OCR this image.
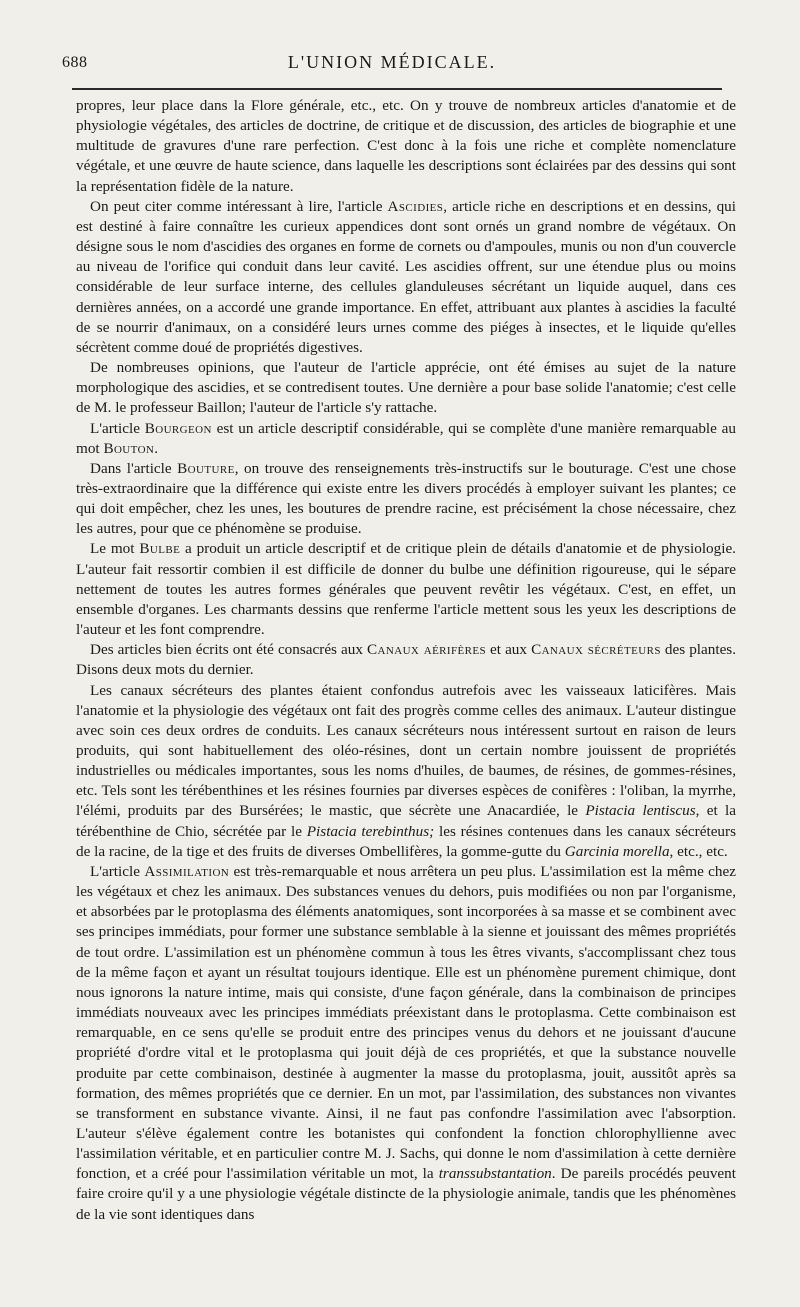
688	L'UNION MÉDICALE.

propres, leur place dans la Flore générale, etc., etc. On y trouve de nombreux articles d'anatomie et de physiologie végétales, des articles de doctrine, de critique et de discussion, des articles de biographie et une multitude de gravures d'une rare perfection. C'est donc à la fois une riche et complète nomenclature végétale, et une œuvre de haute science, dans laquelle les descriptions sont éclairées par des dessins qui sont la représentation fidèle de la nature.

On peut citer comme intéressant à lire, l'article Ascidies, article riche en descriptions et en dessins, qui est destiné à faire connaître les curieux appendices dont sont ornés un grand nombre de végétaux. On désigne sous le nom d'ascidies des organes en forme de cornets ou d'ampoules, munis ou non d'un couvercle au niveau de l'orifice qui conduit dans leur cavité. Les ascidies offrent, sur une étendue plus ou moins considérable de leur surface interne, des cellules glanduleuses sécrétant un liquide auquel, dans ces dernières années, on a accordé une grande importance. En effet, attribuant aux plantes à ascidies la faculté de se nourrir d'animaux, on a considéré leurs urnes comme des piéges à insectes, et le liquide qu'elles sécrètent comme doué de propriétés digestives.

De nombreuses opinions, que l'auteur de l'article apprécie, ont été émises au sujet de la nature morphologique des ascidies, et se contredisent toutes. Une dernière a pour base solide l'anatomie; c'est celle de M. le professeur Baillon; l'auteur de l'article s'y rattache.

L'article Bourgeon est un article descriptif considérable, qui se complète d'une manière remarquable au mot Bouton.

Dans l'article Bouture, on trouve des renseignements très-instructifs sur le bouturage. C'est une chose très-extraordinaire que la différence qui existe entre les divers procédés à employer suivant les plantes; ce qui doit empêcher, chez les unes, les boutures de prendre racine, est précisément la chose nécessaire, chez les autres, pour que ce phénomène se produise.

Le mot Bulbe a produit un article descriptif et de critique plein de détails d'anatomie et de physiologie. L'auteur fait ressortir combien il est difficile de donner du bulbe une définition rigoureuse, qui le sépare nettement de toutes les autres formes générales que peuvent revêtir les végétaux. C'est, en effet, un ensemble d'organes. Les charmants dessins que renferme l'article mettent sous les yeux les descriptions de l'auteur et les font comprendre.

Des articles bien écrits ont été consacrés aux Canaux aérifères et aux Canaux sécréteurs des plantes. Disons deux mots du dernier.

Les canaux sécréteurs des plantes étaient confondus autrefois avec les vaisseaux laticifères. Mais l'anatomie et la physiologie des végétaux ont fait des progrès comme celles des animaux. L'auteur distingue avec soin ces deux ordres de conduits. Les canaux sécréteurs nous intéressent surtout en raison de leurs produits, qui sont habituellement des oléo-résines, dont un certain nombre jouissent de propriétés industrielles ou médicales importantes, sous les noms d'huiles, de baumes, de résines, de gommes-résines, etc. Tels sont les térébenthines et les résines fournies par diverses espèces de conifères : l'oliban, la myrrhe, l'élémi, produits par des Bursérées; le mastic, que sécrète une Anacardiée, le Pistacia lentiscus, et la térébenthine de Chio, sécrétée par le Pistacia terebinthus; les résines contenues dans les canaux sécréteurs de la racine, de la tige et des fruits de diverses Ombellifères, la gomme-gutte du Garcinia morella, etc., etc.

L'article Assimilation est très-remarquable et nous arrêtera un peu plus. L'assimilation est la même chez les végétaux et chez les animaux. Des substances venues du dehors, puis modifiées ou non par l'organisme, et absorbées par le protoplasma des éléments anatomiques, sont incorporées à sa masse et se combinent avec ses principes immédiats, pour former une substance semblable à la sienne et jouissant des mêmes propriétés de tout ordre. L'assimilation est un phénomène commun à tous les êtres vivants, s'accomplissant chez tous de la même façon et ayant un résultat toujours identique. Elle est un phénomène purement chimique, dont nous ignorons la nature intime, mais qui consiste, d'une façon générale, dans la combinaison de principes immédiats nouveaux avec les principes immédiats préexistant dans le protoplasma. Cette combinaison est remarquable, en ce sens qu'elle se produit entre des principes venus du dehors et ne jouissant d'aucune propriété d'ordre vital et le protoplasma qui jouit déjà de ces propriétés, et que la substance nouvelle produite par cette combinaison, destinée à augmenter la masse du protoplasma, jouit, aussitôt après sa formation, des mêmes propriétés que ce dernier. En un mot, par l'assimilation, des substances non vivantes se transforment en substance vivante. Ainsi, il ne faut pas confondre l'assimilation avec l'absorption. L'auteur s'élève également contre les botanistes qui confondent la fonction chlorophyllienne avec l'assimilation véritable, et en particulier contre M. J. Sachs, qui donne le nom d'assimilation à cette dernière fonction, et a créé pour l'assimilation véritable un mot, la transsubstantation. De pareils procédés peuvent faire croire qu'il y a une physiologie végétale distincte de la physiologie animale, tandis que les phénomènes de la vie sont identiques dans
